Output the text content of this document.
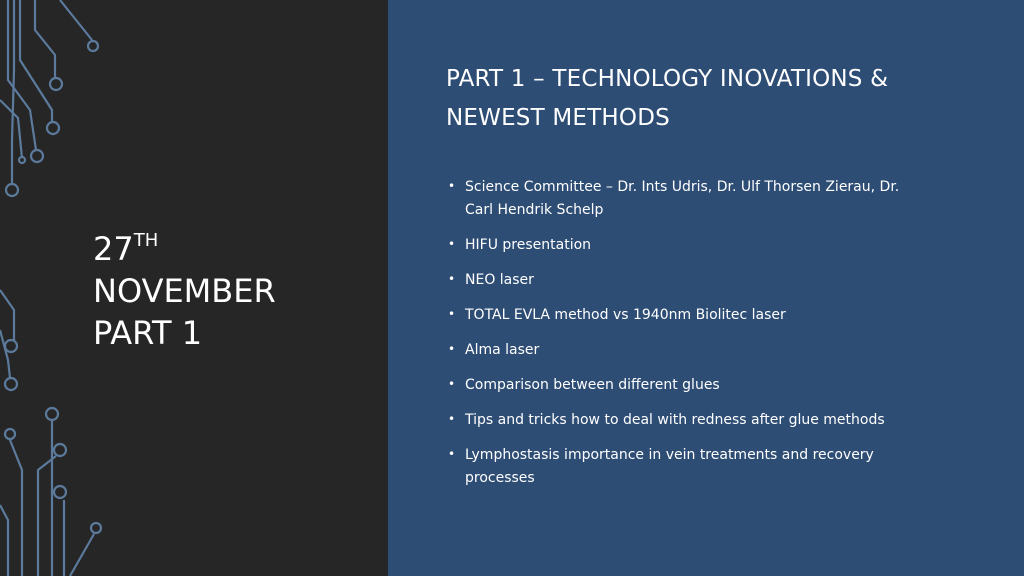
27TH
NOVEMBER
PART 1
PART 1 – TECHNOLOGY INOVATIONS &
NEWEST METHODS
• Science Committee – Dr. Ints Udris, Dr. Ulf Thorsen Zierau, Dr. Carl Hendrik Schelp
• HIFU presentation
• NEO laser
• TOTAL EVLA method vs 1940nm Biolitec laser
• Alma laser
• Comparison between different glues
• Tips and tricks how to deal with redness after glue methods
• Lymphostasis importance in vein treatments and recovery processes
